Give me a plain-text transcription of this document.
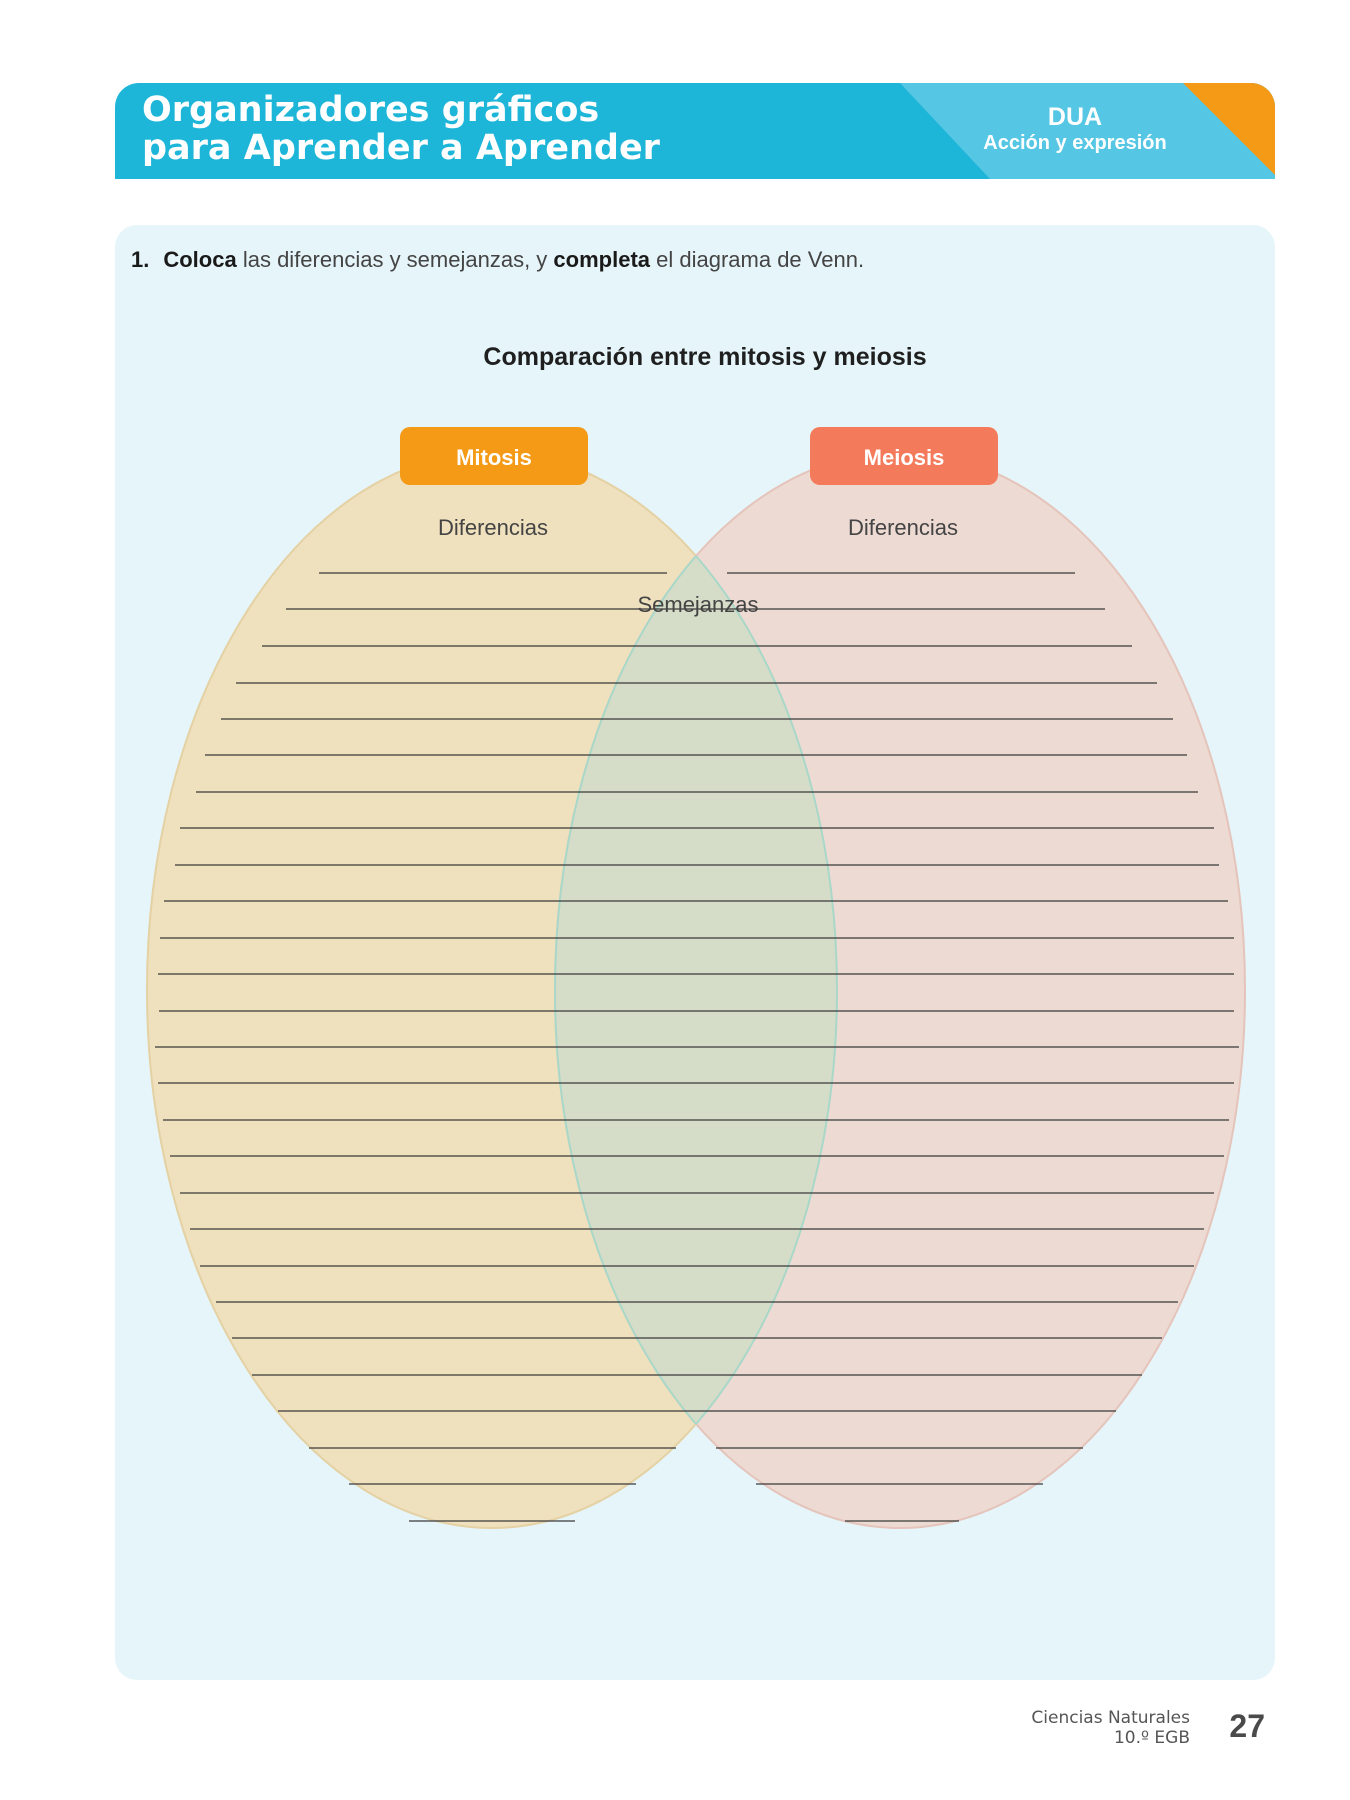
Organizadores gráficos
para Aprender a Aprender
DUA
Acción y expresión
1. Coloca las diferencias y semejanzas, y completa el diagrama de Venn.
Comparación entre mitosis y meiosis
Mitosis	Meiosis
Diferencias	Diferencias
Semejanzas
Ciencias Naturales
10.º EGB 27
